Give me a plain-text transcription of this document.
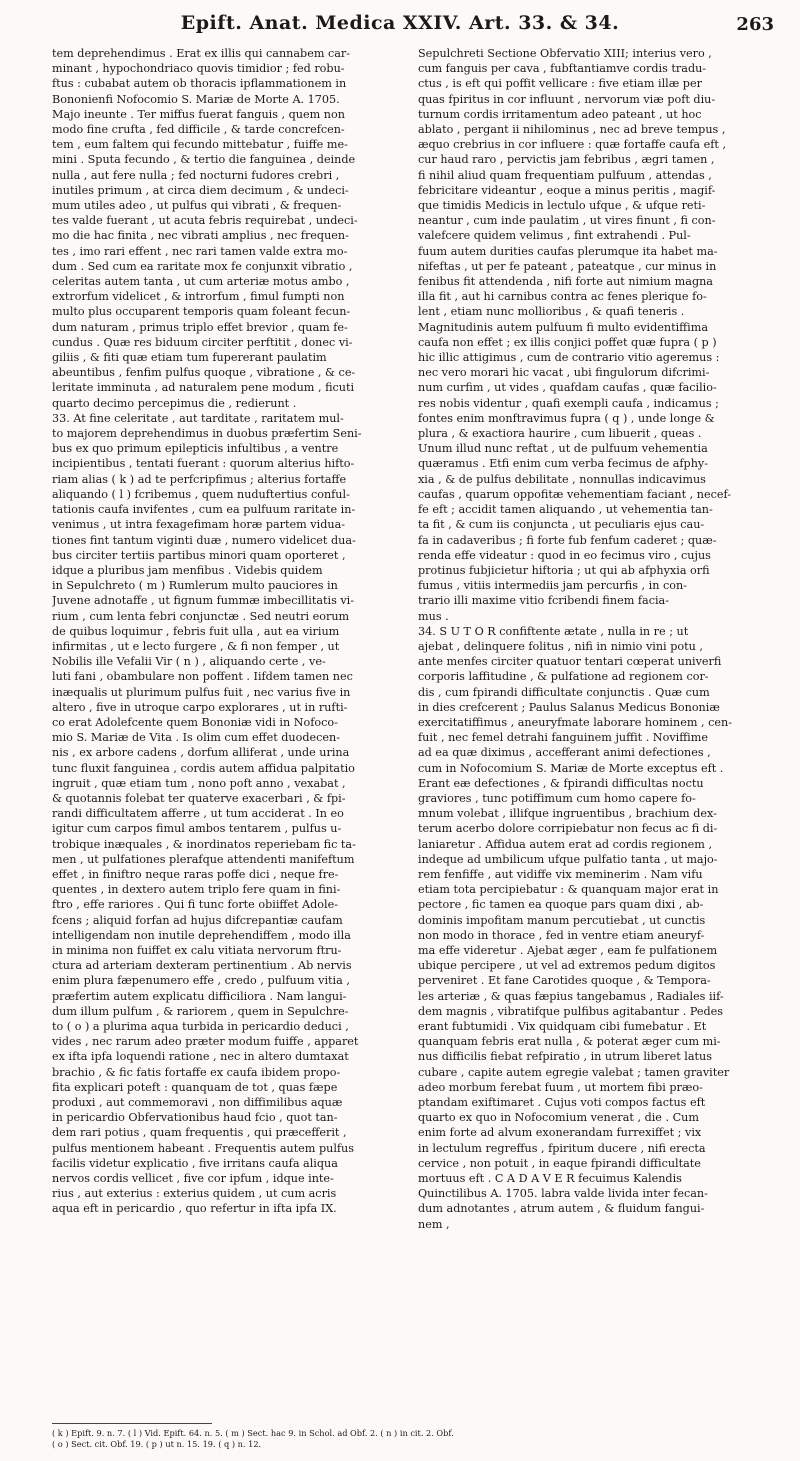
Epift. Anat. Medica XXIV. Art. 33. & 34.	263
tem deprehendimus . Erat ex illis qui cannabem car-
minant , hypochondriaco quovis timidior ; fed robu-
ftus : cubabat autem ob thoracis ipflammationem in
Bononienfi Nofocomio S. Mariæ de Morte A. 1705.
Majo ineunte . Ter miffus fuerat fanguis , quem non
modo fine crufta , fed difficile , & tarde concrefcen-
tem , eum faltem qui fecundo mittebatur , fuiffe me-
mini . Sputa fecundo , & tertio die fanguinea , deinde
nulla , aut fere nulla ; fed nocturni fudores crebri ,
inutiles primum , at circa diem decimum , & undeci-
mum utiles adeo , ut pulfus qui vibrati , & frequen-
tes valde fuerant , ut acuta febris requirebat , undeci-
mo die hac finita , nec vibrati amplius , nec frequen-
tes , imo rari effent , nec rari tamen valde extra mo-
dum . Sed cum ea raritate mox fe conjunxit vibratio ,
celeritas autem tanta , ut cum arteriæ motus ambo ,
extrorfum videlicet , & introrfum , fimul fumpti non
multo plus occuparent temporis quam foleant fecun-
dum naturam , primus triplo effet brevior , quam fe-
cundus . Quæ res biduum circiter perftitit , donec vi-
giliis , & fiti quæ etiam tum fupererant paulatim
abeuntibus , fenfim pulfus quoque , vibratione , & ce-
leritate imminuta , ad naturalem pene modum , ficuti
quarto decimo percepimus die , redierunt .
33. At fine celeritate , aut tarditate , raritatem mul-
to majorem deprehendimus in duobus præfertim Seni-
bus ex quo primum epilepticis infultibus , a ventre
incipientibus , tentati fuerant : quorum alterius hifto-
riam alias ( k ) ad te perfcripfimus ; alterius fortaffe
aliquando ( l ) fcribemus , quem nuduftertius conful-
tationis caufa invifentes , cum ea pulfuum raritate in-
venimus , ut intra fexagefimam horæ partem vidua-
tiones fint tantum viginti duæ , numero videlicet dua-
bus circiter tertiis partibus minori quam oporteret ,
idque a pluribus jam menfibus . Videbis quidem
in Sepulchreto ( m ) Rumlerum multo pauciores in
Juvene adnotaffe , ut fignum fummæ imbecillitatis vi-
rium , cum lenta febri conjunctæ . Sed neutri eorum
de quibus loquimur , febris fuit ulla , aut ea virium
infirmitas , ut e lecto furgere , & fi non femper , ut
Nobilis ille Vefalii Vir ( n ) , aliquando certe , ve-
luti fani , obambulare non poffent . Iifdem tamen nec
inæqualis ut plurimum pulfus fuit , nec varius five in
altero , five in utroque carpo explorares , ut in rufti-
co erat Adolefcente quem Bononiæ vidi in Nofoco-
mio S. Mariæ de Vita . Is olim cum effet duodecen-
nis , ex arbore cadens , dorfum alliferat , unde urina
tunc fluxit fanguinea , cordis autem affidua palpitatio
ingruit , quæ etiam tum , nono poft anno , vexabat ,
& quotannis folebat ter quaterve exacerbari , & fpi-
randi difficultatem afferre , ut tum acciderat . In eo
igitur cum carpos fimul ambos tentarem , pulfus u-
trobique inæquales , & inordinatos reperiebam fic ta-
men , ut pulfationes plerafque attendenti manifeftum
effet , in finiftro neque raras poffe dici , neque fre-
quentes , in dextero autem triplo fere quam in fini-
ftro , effe rariores . Qui fi tunc forte obiiffet Adole-
fcens ; aliquid forfan ad hujus difcrepantiæ caufam
intelligendam non inutile deprehendiffem , modo illa
in minima non fuiffet ex calu vitiata nervorum ftru-
ctura ad arteriam dexteram pertinentium . Ab nervis
enim plura fæpenumero effe , credo , pulfuum vitia ,
præfertim autem explicatu difficiliora . Nam langui-
dum illum pulfum , & rariorem , quem in Sepulchre-
to ( o ) a plurima aqua turbida in pericardio deduci ,
vides , nec rarum adeo præter modum fuiffe , apparet
ex ifta ipfa loquendi ratione , nec in altero dumtaxat
brachio , & fic fatis fortaffe ex caufa ibidem propo-
fita explicari poteft : quanquam de tot , quas fæpe
produxi , aut commemoravi , non diffimilibus aquæ
in pericardio Obfervationibus haud fcio , quot tan-
dem rari potius , quam frequentis , qui præcefferit ,
pulfus mentionem habeant . Frequentis autem pulfus
facilis videtur explicatio , five irritans caufa aliqua
nervos cordis vellicet , five cor ipfum , idque inte-
rius , aut exterius : exterius quidem , ut cum acris
aqua eft in pericardio , quo refertur in ifta ipfa IX.
Sepulchreti Sectione Obfervatio XIII; interius vero ,
cum fanguis per cava , fubftantiamve cordis tradu-
ctus , is eft qui poffit vellicare : five etiam illæ per
quas fpiritus in cor influunt , nervorum viæ poft diu-
turnum cordis irritamentum adeo pateant , ut hoc
ablato , pergant ii nihilominus , nec ad breve tempus ,
æquo crebrius in cor influere : quæ fortaffe caufa eft ,
cur haud raro , pervictis jam febribus , ægri tamen ,
fi nihil aliud quam frequentiam pulfuum , attendas ,
febricitare videantur , eoque a minus peritis , magif-
que timidis Medicis in lectulo ufque , & ufque reti-
neantur , cum inde paulatim , ut vires finunt , fi con-
valefcere quidem velimus , fint extrahendi . Pul-
fuum autem durities caufas plerumque ita habet ma-
nifeftas , ut per fe pateant , pateatque , cur minus in
fenibus fit attendenda , nifi forte aut nimium magna
illa fit , aut hi carnibus contra ac fenes plerique fo-
lent , etiam nunc mollioribus , & quafi teneris .
Magnitudinis autem pulfuum fi multo evidentiffima
caufa non effet ; ex illis conjici poffet quæ fupra ( p )
hic illic attigimus , cum de contrario vitio ageremus :
nec vero morari hic vacat , ubi fingulorum difcrimi-
num curfim , ut vides , quafdam caufas , quæ facilio-
res nobis videntur , quafi exempli caufa , indicamus ;
fontes enim monftravimus fupra ( q ) , unde longe &
plura , & exactiora haurire , cum libuerit , queas .
Unum illud nunc reftat , ut de pulfuum vehementia
quæramus . Etfi enim cum verba fecimus de afphy-
xia , & de pulfus debilitate , nonnullas indicavimus
caufas , quarum oppofitæ vehementiam faciant , necef-
fe eft ; accidit tamen aliquando , ut vehementia tan-
ta fit , & cum iis conjuncta , ut peculiaris ejus cau-
fa in cadaveribus ; fi forte fub fenfum caderet ; quæ-
renda effe videatur : quod in eo fecimus viro , cujus
protinus fubjicietur hiftoria ; ut qui ab afphyxia orfi
fumus , vitiis intermediis jam percurfis , in con-
trario illi maxime vitio fcribendi finem facia-
mus .
34. S U T O R confiftente ætate , nulla in re ; ut
ajebat , delinquere folitus , nifi in nimio vini potu ,
ante menfes circiter quatuor tentari cœperat univerfi
corporis laffitudine , & pulfatione ad regionem cor-
dis , cum fpirandi difficultate conjunctis . Quæ cum
in dies crefcerent ; Paulus Salanus Medicus Bononiæ
exercitatiffimus , aneuryfmate laborare hominem , cen-
fuit , nec femel detrahi fanguinem juffit . Noviffime
ad ea quæ diximus , accefferant animi defectiones ,
cum in Nofocomium S. Mariæ de Morte exceptus eft .
Erant eæ defectiones , & fpirandi difficultas noctu
graviores , tunc potiffimum cum homo capere fo-
mnum volebat , illifque ingruentibus , brachium dex-
terum acerbo dolore corripiebatur non fecus ac fi di-
laniaretur . Affidua autem erat ad cordis regionem ,
indeque ad umbilicum ufque pulfatio tanta , ut majo-
rem fenfiffe , aut vidiffe vix meminerim . Nam vifu
etiam tota percipiebatur : & quanquam major erat in
pectore , fic tamen ea quoque pars quam dixi , ab-
dominis impofitam manum percutiebat , ut cunctis
non modo in thorace , fed in ventre etiam aneuryf-
ma effe videretur . Ajebat æger , eam fe pulfationem
ubique percipere , ut vel ad extremos pedum digitos
perveniret . Et fane Carotides quoque , & Tempora-
les arteriæ , & quas fæpius tangebamus , Radiales iif-
dem magnis , vibratifque pulfibus agitabantur . Pedes
erant fubtumidi . Vix quidquam cibi fumebatur . Et
quanquam febris erat nulla , & poterat æger cum mi-
nus difficilis fiebat refpiratio , in utrum liberet latus
cubare , capite autem egregie valebat ; tamen graviter
adeo morbum ferebat fuum , ut mortem fibi præo-
ptandam exiftimaret . Cujus voti compos factus eft
quarto ex quo in Nofocomium venerat , die . Cum
enim forte ad alvum exonerandam furrexiffet ; vix
in lectulum regreffus , fpiritum ducere , nifi erecta
cervice , non potuit , in eaque fpirandi difficultate
mortuus eft . C A D A V E R fecuimus Kalendis
Quinctilibus A. 1705. labra valde livida inter fecan-
dum adnotantes , atrum autem , & fluidum fangui-
nem ,
( k ) Epift. 9. n. 7. ( l ) Vid. Epift. 64. n. 5. ( m ) Sect. hac 9. in Schol. ad Obf. 2. ( n ) in cit. 2. Obf.
( o ) Sect. cit. Obf. 19. ( p ) ut n. 15. 19. ( q ) n. 12.
